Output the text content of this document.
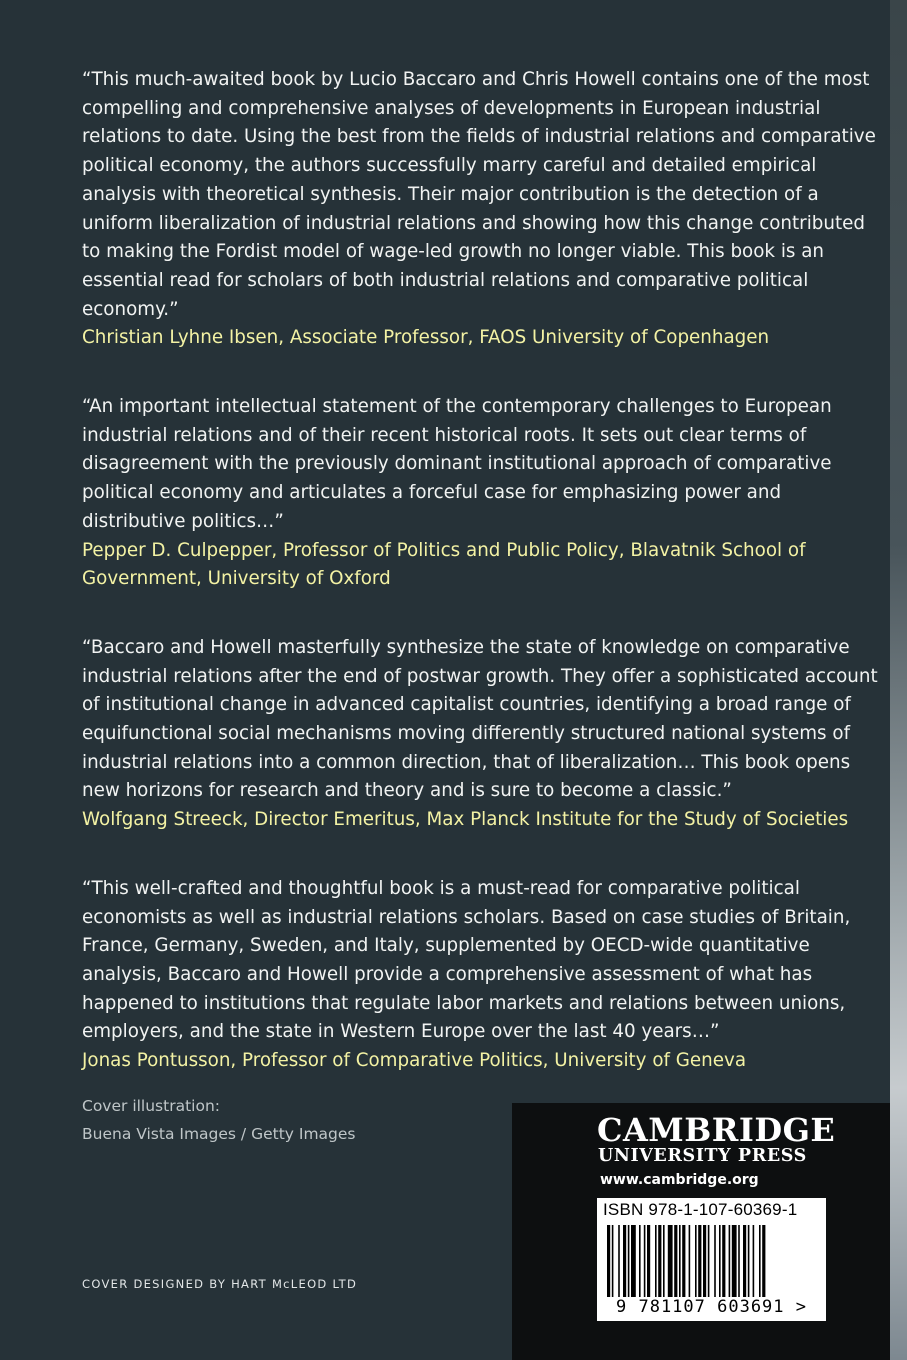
“This much-awaited book by Lucio Baccaro and Chris Howell contains one of the most compelling and comprehensive analyses of developments in European industrial relations to date. Using the best from the fields of industrial relations and comparative political economy, the authors successfully marry careful and detailed empirical analysis with theoretical synthesis. Their major contribution is the detection of a uniform liberalization of industrial relations and showing how this change contributed to making the Fordist model of wage-led growth no longer viable. This book is an essential read for scholars of both industrial relations and comparative political economy.”

Christian Lyhne Ibsen, Associate Professor, FAOS University of Copenhagen

“An important intellectual statement of the contemporary challenges to European industrial relations and of their recent historical roots. It sets out clear terms of disagreement with the previously dominant institutional approach of comparative political economy and articulates a forceful case for emphasizing power and distributive politics…”

Pepper D. Culpepper, Professor of Politics and Public Policy, Blavatnik School of Government, University of Oxford

“Baccaro and Howell masterfully synthesize the state of knowledge on comparative industrial relations after the end of postwar growth. They offer a sophisticated account of institutional change in advanced capitalist countries, identifying a broad range of equifunctional social mechanisms moving differently structured national systems of industrial relations into a common direction, that of liberalization… This book opens new horizons for research and theory and is sure to become a classic.”

Wolfgang Streeck, Director Emeritus, Max Planck Institute for the Study of Societies

“This well-crafted and thoughtful book is a must-read for comparative political economists as well as industrial relations scholars. Based on case studies of Britain, France, Germany, Sweden, and Italy, supplemented by OECD-wide quantitative analysis, Baccaro and Howell provide a comprehensive assessment of what has happened to institutions that regulate labor markets and relations between unions, employers, and the state in Western Europe over the last 40 years…”

Jonas Pontusson, Professor of Comparative Politics, University of Geneva

Cover illustration:
Buena Vista Images / Getty Images
COVER DESIGNED BY HART McLEOD LTD
CAMBRIDGE
UNIVERSITY PRESS
www.cambridge.org
ISBN 978-1-107-60369-1
9 781107 603691 >
